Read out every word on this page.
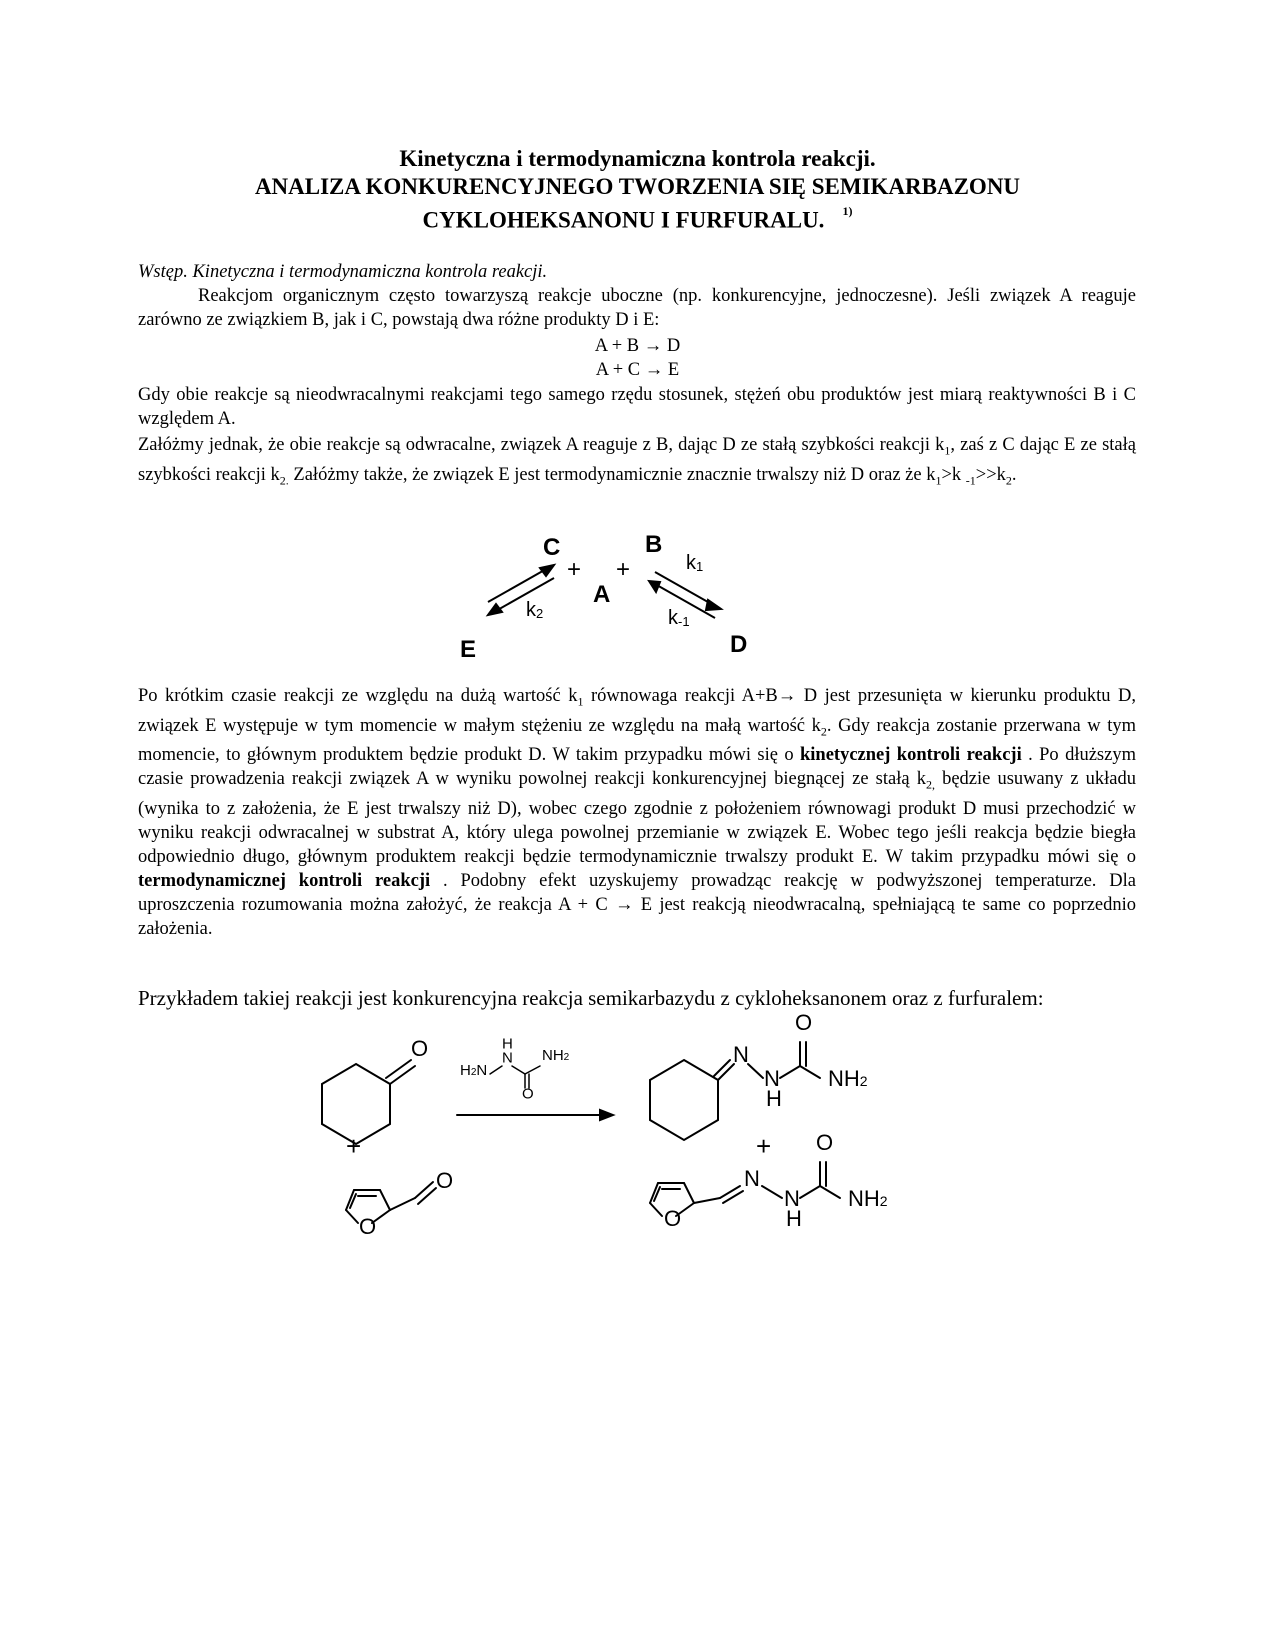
Kinetyczna i termodynamiczna kontrola reakcji.
ANALIZA KONKURENCYJNEGO TWORZENIA SIĘ SEMIKARBAZONU
CYKLOHEKSANONU I FURFURALU. $^{1)}$
Wstęp. Kinetyczna i termodynamiczna kontrola reakcji.
Reakcjom organicznym często towarzyszą reakcje uboczne (np. konkurencyjne, jednoczesne). Jeśli związek A reaguje zarówno ze związkiem B, jak i C, powstają dwa różne produkty D i E:
A + B → D
A + C → E
Gdy obie reakcje są nieodwracalnymi reakcjami tego samego rzędu stosunek, stężeń obu produktów jest miarą reaktywności B i C względem A.
Załóżmy jednak, że obie reakcje są odwracalne, związek A reaguje z B, dając D ze stałą szybkości reakcji $k_1$, zaś z C dając E ze stałą szybkości reakcji $k_{2.}$ Załóżmy także, że związek E jest termodynamicznie znacznie trwalszy niż D oraz że $k_1>k$ $_{-1}>>k_2$.
C	B
+ +
A
E	D
$k_2$
$k_1$
$k_{-1}$
Po krótkim czasie reakcji ze względu na dużą wartość $k_1$ równowaga reakcji A+B→ D jest przesunięta w kierunku produktu D, związek E występuje w tym momencie w małym stężeniu ze względu na małą wartość $k_2$. Gdy reakcja zostanie przerwana w tym momencie, to głównym produktem będzie produkt D. W takim przypadku mówi się o kinetycznej kontroli reakcji . Po dłuższym czasie prowadzenia reakcji związek A w wyniku powolnej reakcji konkurencyjnej biegnącej ze stałą $k_{2,}$ będzie usuwany z układu (wynika to z założenia, że E jest trwalszy niż D), wobec czego zgodnie z położeniem równowagi produkt D musi przechodzić w wyniku reakcji odwracalnej w substrat A, który ulega powolnej przemianie w związek E. Wobec tego jeśli reakcja będzie biegła odpowiednio długo, głównym produktem reakcji będzie termodynamicznie trwalszy produkt E. W takim przypadku mówi się o termodynamicznej kontroli reakcji . Podobny efekt uzyskujemy prowadząc reakcję w podwyższonej temperaturze. Dla uproszczenia rozumowania można założyć, że reakcja A + C → E jest reakcją nieodwracalną, spełniającą te same co poprzednio założenia.
Przykładem takiej reakcji jest konkurencyjna reakcja semikarbazydu z cykloheksanonem oraz z furfuralem:
O
+
O
O
H
N
$H_2N$
$NH_2$
O
N
N
H
O
$NH_2$
+
O
N
N
H
O
$NH_2$
